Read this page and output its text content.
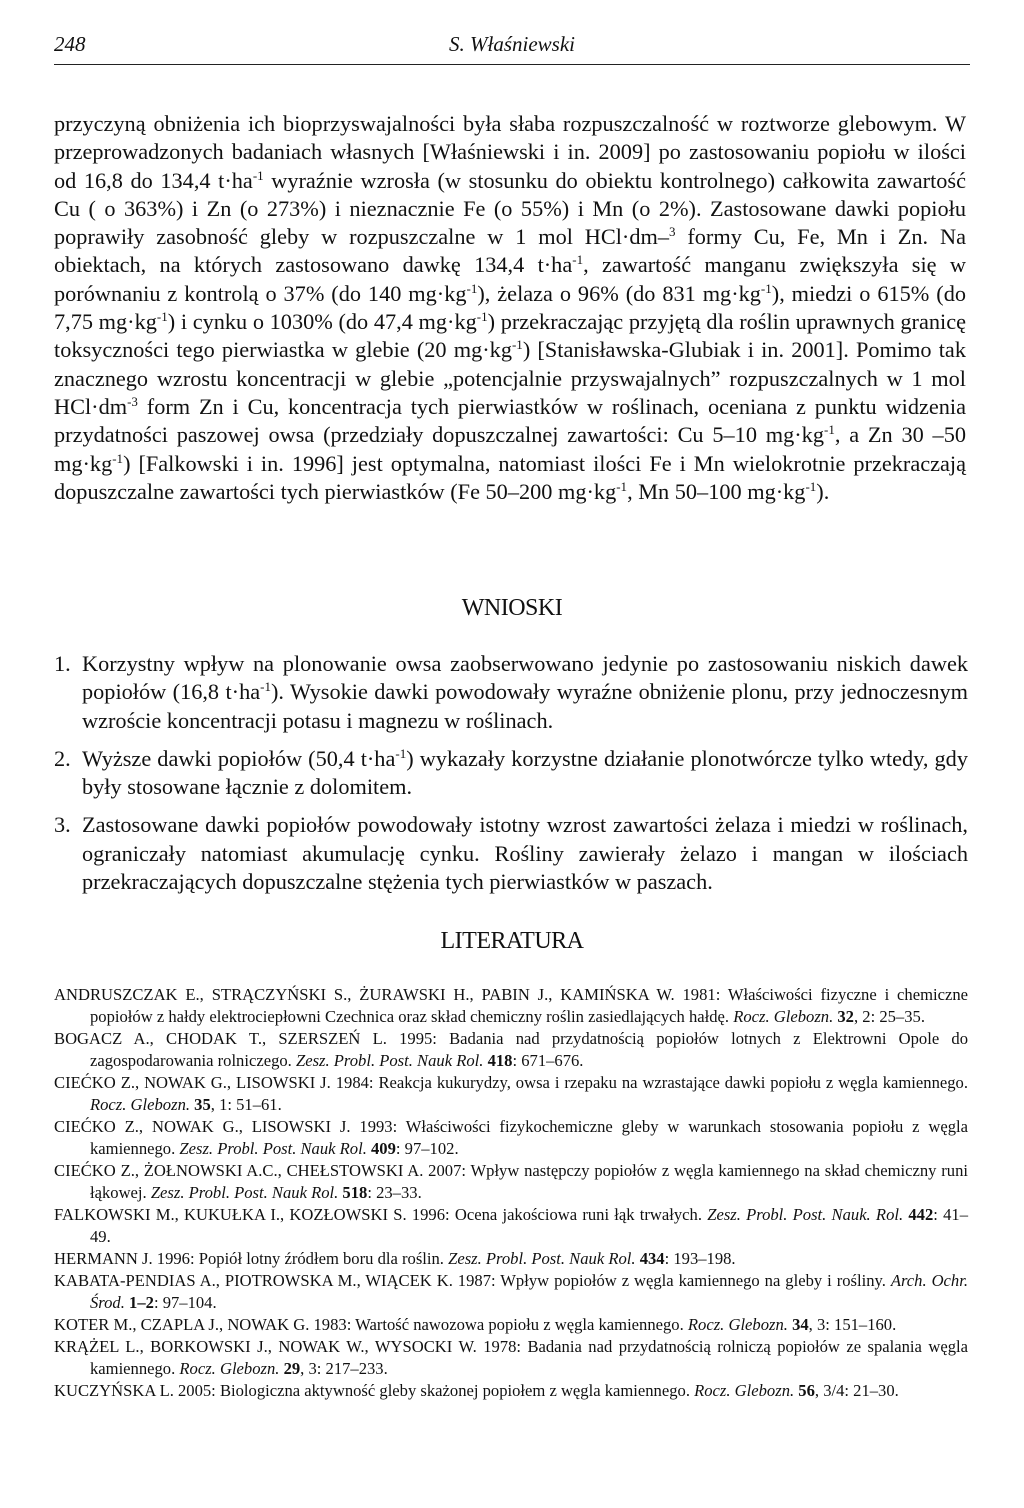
248	S. Właśniewski
przyczyną obniżenia ich bioprzyswajalności była słaba rozpuszczalność w roztworze glebowym. W przeprowadzonych badaniach własnych [Właśniewski i in. 2009] po zastosowaniu popiołu w ilości od 16,8 do 134,4 $t\cdot ha^{-1}$ wyraźnie wzrosła (w stosunku do obiektu kontrolnego) całkowita zawartość Cu ( o 363%) i Zn (o 273%) i nieznacznie Fe (o 55%) i Mn (o 2%). Zastosowane dawki popiołu poprawiły zasobność gleby w rozpuszczalne w 1 mol HCl·dm–$^3$ formy Cu, Fe, Mn i Zn. Na obiektach, na których zastosowano dawkę 134,4 $t\cdot ha^{-1}$, zawartość manganu zwiększyła się w porównaniu z kontrolą o 37% (do 140 $mg\cdot kg^{-1}$), żelaza o 96% (do 831 $mg\cdot kg^{-1}$), miedzi o 615% (do 7,75 $mg\cdot kg^{-1}$) i cynku o 1030% (do 47,4 $mg\cdot kg^{-1}$) przekraczając przyjętą dla roślin uprawnych granicę toksyczności tego pierwiastka w glebie (20 $mg\cdot kg^{-1}$) [Stanisławska-Glubiak i in. 2001]. Pomimo tak znacznego wzrostu koncentracji w glebie „potencjalnie przyswajalnych” rozpuszczalnych w 1 mol $HCl\cdot dm^{-3}$ form Zn i Cu, koncentracja tych pierwiastków w roślinach, oceniana z punktu widzenia przydatności paszowej owsa (przedziały dopuszczalnej zawartości: Cu 5–10 $mg\cdot kg^{-1}$, a Zn 30 –50 $mg\cdot kg^{-1}$) [Falkowski i in. 1996] jest optymalna, natomiast ilości Fe i Mn wielokrotnie przekraczają dopuszczalne zawartości tych pierwiastków (Fe 50–200 $mg\cdot kg^{-1}$, Mn 50–100 $mg\cdot kg^{-1}$).
WNIOSKI
1. Korzystny wpływ na plonowanie owsa zaobserwowano jedynie po zastosowaniu niskich dawek popiołów (16,8 $t\cdot ha^{-1}$). Wysokie dawki powodowały wyraźne obniżenie plonu, przy jednoczesnym wzroście koncentracji potasu i magnezu w roślinach.
2. Wyższe dawki popiołów (50,4 $t\cdot ha^{-1}$) wykazały korzystne działanie plonotwórcze tylko wtedy, gdy były stosowane łącznie z dolomitem.
3. Zastosowane dawki popiołów powodowały istotny wzrost zawartości żelaza i miedzi w roślinach, ograniczały natomiast akumulację cynku. Rośliny zawierały żelazo i mangan w ilościach przekraczających dopuszczalne stężenia tych pierwiastków w paszach.
LITERATURA
ANDRUSZCZAK E., STRĄCZYŃSKI S., ŻURAWSKI H., PABIN J., KAMIŃSKA W. 1981: Właściwości fizyczne i chemiczne popiołów z hałdy elektrociepłowni Czechnica oraz skład chemiczny roślin zasiedlających hałdę. Rocz. Glebozn. 32, 2: 25–35.
BOGACZ A., CHODAK T., SZERSZEŃ L. 1995: Badania nad przydatnością popiołów lotnych z Elektrowni Opole do zagospodarowania rolniczego. Zesz. Probl. Post. Nauk Rol. 418: 671–676.
CIEĆKO Z., NOWAK G., LISOWSKI J. 1984: Reakcja kukurydzy, owsa i rzepaku na wzrastające dawki popiołu z węgla kamiennego. Rocz. Glebozn. 35, 1: 51–61.
CIEĆKO Z., NOWAK G., LISOWSKI J. 1993: Właściwości fizykochemiczne gleby w warunkach stosowania popiołu z węgla kamiennego. Zesz. Probl. Post. Nauk Rol. 409: 97–102.
CIEĆKO Z., ŻOŁNOWSKI A.C., CHEŁSTOWSKI A. 2007: Wpływ następczy popiołów z węgla kamiennego na skład chemiczny runi łąkowej. Zesz. Probl. Post. Nauk Rol. 518: 23–33.
FALKOWSKI M., KUKUŁKA I., KOZŁOWSKI S. 1996: Ocena jakościowa runi łąk trwałych. Zesz. Probl. Post. Nauk. Rol. 442: 41–49.
HERMANN J. 1996: Popiół lotny źródłem boru dla roślin. Zesz. Probl. Post. Nauk Rol. 434: 193–198.
KABATA-PENDIAS A., PIOTROWSKA M., WIĄCEK K. 1987: Wpływ popiołów z węgla kamiennego na gleby i rośliny. Arch. Ochr. Środ. 1–2: 97–104.
KOTER M., CZAPLA J., NOWAK G. 1983: Wartość nawozowa popiołu z węgla kamiennego. Rocz. Glebozn. 34, 3: 151–160.
KRĄŻEL L., BORKOWSKI J., NOWAK W., WYSOCKI W. 1978: Badania nad przydatnością rolniczą popiołów ze spalania węgla kamiennego. Rocz. Glebozn. 29, 3: 217–233.
KUCZYŃSKA L. 2005: Biologiczna aktywność gleby skażonej popiołem z węgla kamiennego. Rocz. Glebozn. 56, 3/4: 21–30.
